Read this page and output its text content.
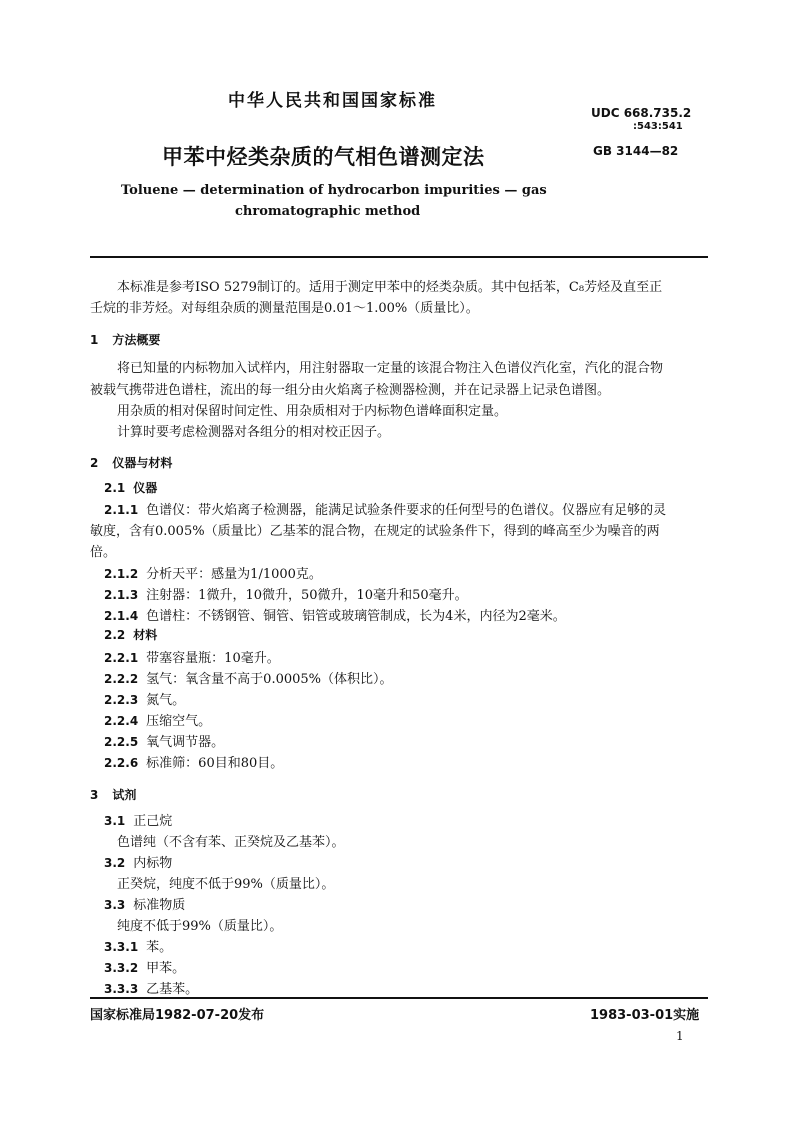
中华人民共和国国家标准
UDC 668.735.2
:543:541
甲苯中烃类杂质的气相色谱测定法	GB 3144—82
Toluene — determination of hydrocarbon impurities — gas
chromatographic method
本标准是参考ISO 5279制订的。适用于测定甲苯中的烃类杂质。其中包括苯，C₈芳烃及直至正
壬烷的非芳烃。对每组杂质的测量范围是0.01～1.00%（质量比）。
1 方法概要
将已知量的内标物加入试样内，用注射器取一定量的该混合物注入色谱仪汽化室，汽化的混合物
被载气携带进色谱柱，流出的每一组分由火焰离子检测器检测，并在记录器上记录色谱图。
用杂质的相对保留时间定性、用杂质相对于内标物色谱峰面积定量。
计算时要考虑检测器对各组分的相对校正因子。
2 仪器与材料
2.1 仪器
2.1.1 色谱仪：带火焰离子检测器，能满足试验条件要求的任何型号的色谱仪。仪器应有足够的灵
敏度，含有0.005%（质量比）乙基苯的混合物，在规定的试验条件下，得到的峰高至少为噪音的两
倍。
2.1.2 分析天平：感量为1/1000克。
2.1.3 注射器：1微升，10微升，50微升，10毫升和50毫升。
2.1.4 色谱柱：不锈钢管、铜管、铝管或玻璃管制成，长为4米，内径为2毫米。
2.2 材料
2.2.1 带塞容量瓶：10毫升。
2.2.2 氢气：氧含量不高于0.0005%（体积比）。
2.2.3 氮气。
2.2.4 压缩空气。
2.2.5 氧气调节器。
2.2.6 标准筛：60目和80目。
3 试剂
3.1 正己烷
色谱纯（不含有苯、正癸烷及乙基苯）。
3.2 内标物
正癸烷，纯度不低于99%（质量比）。
3.3 标准物质
纯度不低于99%（质量比）。
3.3.1 苯。
3.3.2 甲苯。
3.3.3 乙基苯。
国家标准局1982-07-20发布	1983-03-01实施
1
